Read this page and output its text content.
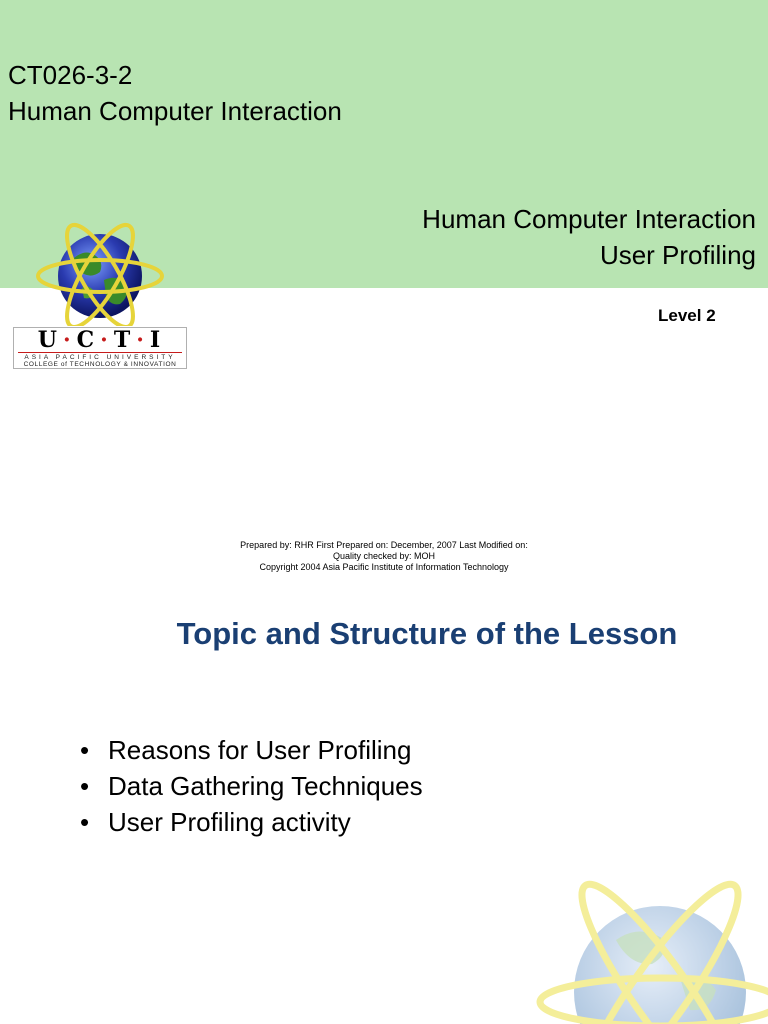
CT026-3-2
Human Computer Interaction
Human Computer Interaction
User Profiling
Level 2
U · C · T · I
ASIA PACIFIC UNIVERSITY
COLLEGE of TECHNOLOGY & INNOVATION
Prepared by: RHR First Prepared on: December, 2007 Last Modified on:
Quality checked by: MOH
Copyright 2004 Asia Pacific Institute of Information Technology
Topic and Structure of the Lesson
• Reasons for User Profiling
• Data Gathering Techniques
• User Profiling activity
